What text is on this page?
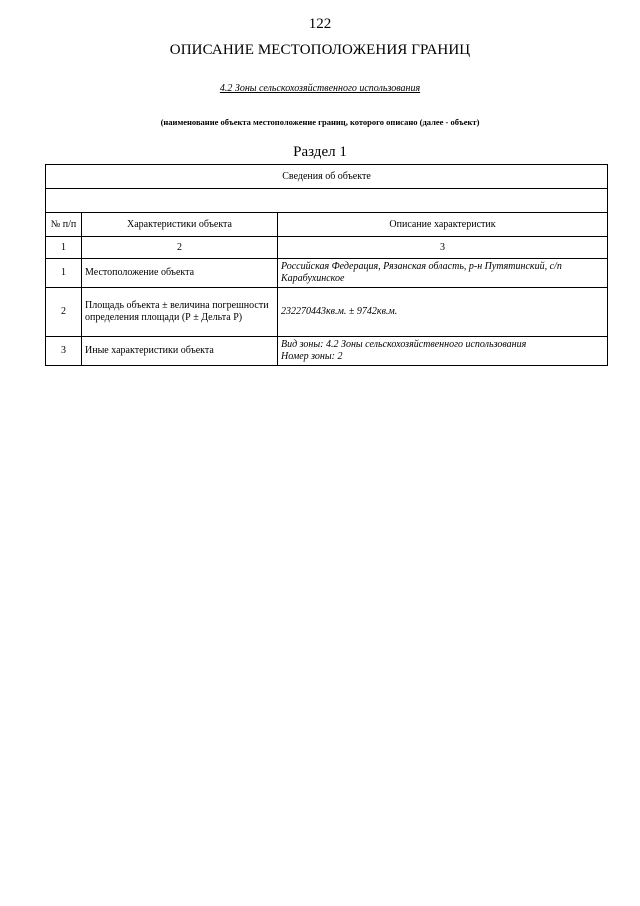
122
ОПИСАНИЕ МЕСТОПОЛОЖЕНИЯ ГРАНИЦ
4.2 Зоны сельскохозяйственного использования
(наименование объекта местоположение границ, которого описано (далее - объект)
Раздел 1
Сведения об объекте		

№ п/п	Характеристики объекта	Описание характеристик
1	2	3
1	Местоположение объекта	Российская Федерация, Рязанская область, р-н Путятинский, с/п Карабухинское
2	Площадь объекта ± величина погрешности определения площади (Р ± Дельта Р)	232270443кв.м. ± 9742кв.м.
3	Иные характеристики объекта	Вид зоны: 4.2 Зоны сельскохозяйственного использования
Номер зоны: 2
